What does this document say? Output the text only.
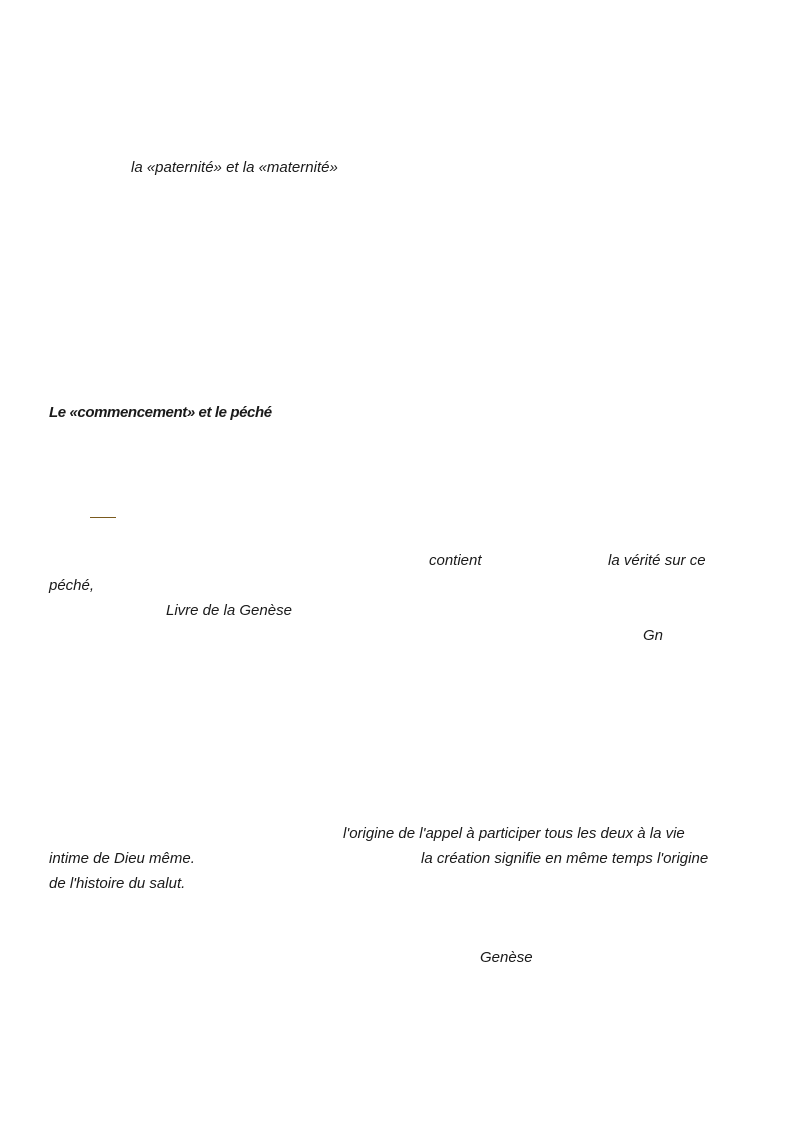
la «paternité» et la «maternité»
Le «commencement» et le péché
contient	la vérité sur ce
péché,
Livre de la Genèse
Gn
l'origine de l'appel à participer tous les deux à la vie
intime de Dieu même.	la création signifie en même temps l'origine
de l'histoire du salut.
Genèse
